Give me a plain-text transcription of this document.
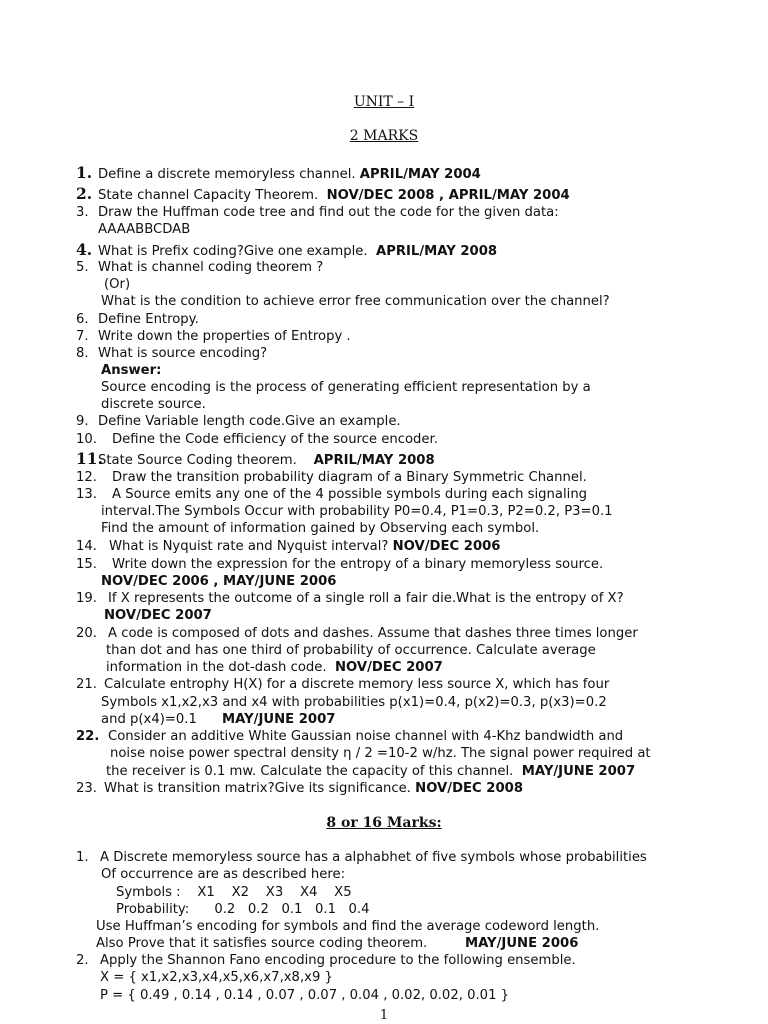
UNIT – I
2 MARKS
1. Define a discrete memoryless channel. APRIL/MAY 2004
2. State channel Capacity Theorem. NOV/DEC 2008 , APRIL/MAY 2004
3. Draw the Huffman code tree and find out the code for the given data:
AAAABBCDAB
4. What is Prefix coding?Give one example. APRIL/MAY 2008
5. What is channel coding theorem ?
(Or)
What is the condition to achieve error free communication over the channel?
6. Define Entropy.
7. Write down the properties of Entropy .
8. What is source encoding?
Answer:
Source encoding is the process of generating efficient representation by a
discrete source.
9. Define Variable length code.Give an example.
10. Define the Code efficiency of the source encoder.
11.State Source Coding theorem. APRIL/MAY 2008
12. Draw the transition probability diagram of a Binary Symmetric Channel.
13. A Source emits any one of the 4 possible symbols during each signaling
interval.The Symbols Occur with probability P0=0.4, P1=0.3, P2=0.2, P3=0.1
Find the amount of information gained by Observing each symbol.
14. What is Nyquist rate and Nyquist interval? NOV/DEC 2006
15. Write down the expression for the entropy of a binary memoryless source.
NOV/DEC 2006 , MAY/JUNE 2006
19. If X represents the outcome of a single roll a fair die.What is the entropy of X?
NOV/DEC 2007
20. A code is composed of dots and dashes. Assume that dashes three times longer
than dot and has one third of probability of occurrence. Calculate average
information in the dot-dash code. NOV/DEC 2007
21. Calculate entrophy H(X) for a discrete memory less source X, which has four
Symbols x1,x2,x3 and x4 with probabilities p(x1)=0.4, p(x2)=0.3, p(x3)=0.2
and p(x4)=0.1 MAY/JUNE 2007
22. Consider an additive White Gaussian noise channel with 4-Khz bandwidth and
noise noise power spectral density η / 2 =10-2 w/hz. The signal power required at
the receiver is 0.1 mw. Calculate the capacity of this channel. MAY/JUNE 2007
23. What is transition matrix?Give its significance. NOV/DEC 2008
8 or 16 Marks:
1. A Discrete memoryless source has a alphabhet of five symbols whose probabilities
Of occurrence are as described here:
Symbols :    X1    X2    X3    X4    X5
Probability:      0.2   0.2   0.1   0.1   0.4
Use Huffman’s encoding for symbols and find the average codeword length.
Also Prove that it satisfies source coding theorem.	MAY/JUNE 2006
2. Apply the Shannon Fano encoding procedure to the following ensemble.
X = { x1,x2,x3,x4,x5,x6,x7,x8,x9 }
P = { 0.49 , 0.14 , 0.14 , 0.07 , 0.07 , 0.04 , 0.02, 0.02, 0.01 }
1
